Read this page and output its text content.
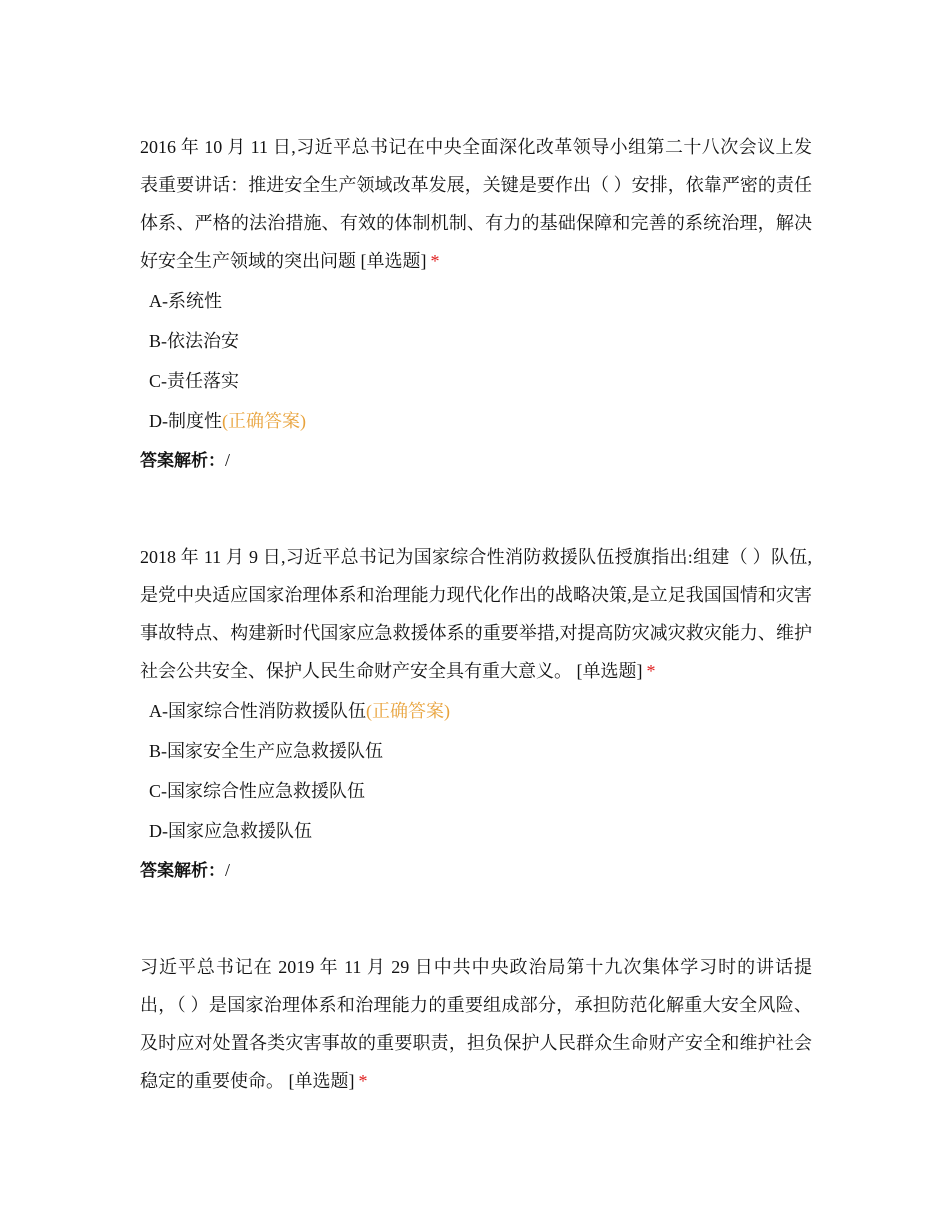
2016 年 10 月 11 日,习近平总书记在中央全面深化改革领导小组第二十八次会议上发表重要讲话：推进安全生产领域改革发展，关键是要作出（ ）安排，依靠严密的责任体系、严格的法治措施、有效的体制机制、有力的基础保障和完善的系统治理，解决好安全生产领域的突出问题 [单选题] *

A-系统性
B-依法治安
C-责任落实
D-制度性(正确答案)
答案解析：/

2018 年 11 月 9 日,习近平总书记为国家综合性消防救援队伍授旗指出:组建（ ）队伍,是党中央适应国家治理体系和治理能力现代化作出的战略决策,是立足我国国情和灾害事故特点、构建新时代国家应急救援体系的重要举措,对提高防灾减灾救灾能力、维护社会公共安全、保护人民生命财产安全具有重大意义。 [单选题] *

A-国家综合性消防救援队伍(正确答案)
B-国家安全生产应急救援队伍
C-国家综合性应急救援队伍
D-国家应急救援队伍
答案解析：/

习近平总书记在 2019 年 11 月 29 日中共中央政治局第十九次集体学习时的讲话提出，（ ）是国家治理体系和治理能力的重要组成部分，承担防范化解重大安全风险、及时应对处置各类灾害事故的重要职责，担负保护人民群众生命财产安全和维护社会稳定的重要使命。 [单选题] *
